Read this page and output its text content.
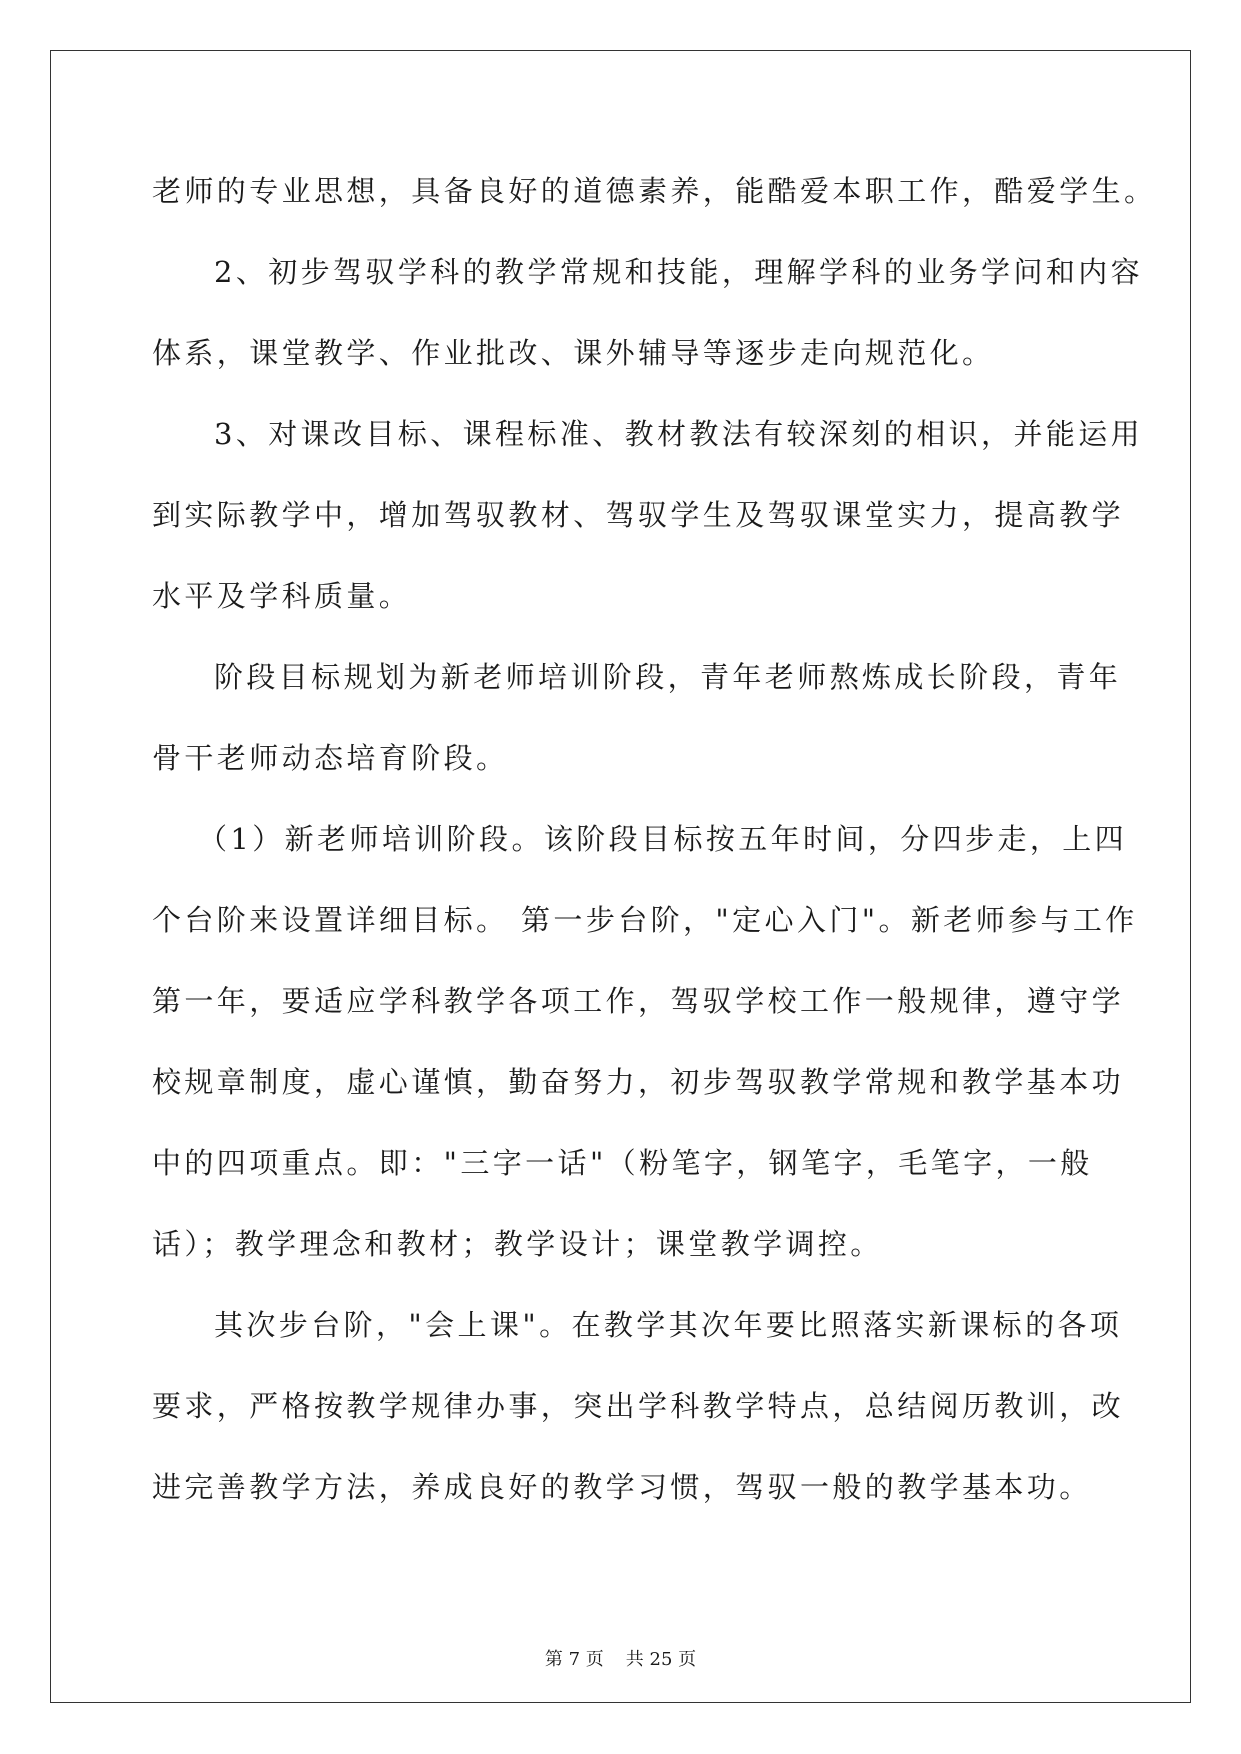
老师的专业思想，具备良好的道德素养，能酷爱本职工作，酷爱学生。
2、初步驾驭学科的教学常规和技能，理解学科的业务学问和内容
体系，课堂教学、作业批改、课外辅导等逐步走向规范化。
3、对课改目标、课程标准、教材教法有较深刻的相识，并能运用
到实际教学中，增加驾驭教材、驾驭学生及驾驭课堂实力，提高教学
水平及学科质量。
阶段目标规划为新老师培训阶段，青年老师熬炼成长阶段，青年
骨干老师动态培育阶段。
（1）新老师培训阶段。该阶段目标按五年时间，分四步走，上四
个台阶来设置详细目标。 第一步台阶，"定心入门"。新老师参与工作
第一年，要适应学科教学各项工作，驾驭学校工作一般规律，遵守学
校规章制度，虚心谨慎，勤奋努力，初步驾驭教学常规和教学基本功
中的四项重点。即："三字一话"（粉笔字，钢笔字，毛笔字，一般
话）；教学理念和教材；教学设计；课堂教学调控。
其次步台阶，"会上课"。在教学其次年要比照落实新课标的各项
要求，严格按教学规律办事，突出学科教学特点，总结阅历教训，改
进完善教学方法，养成良好的教学习惯，驾驭一般的教学基本功。
第 7 页 共 25 页
